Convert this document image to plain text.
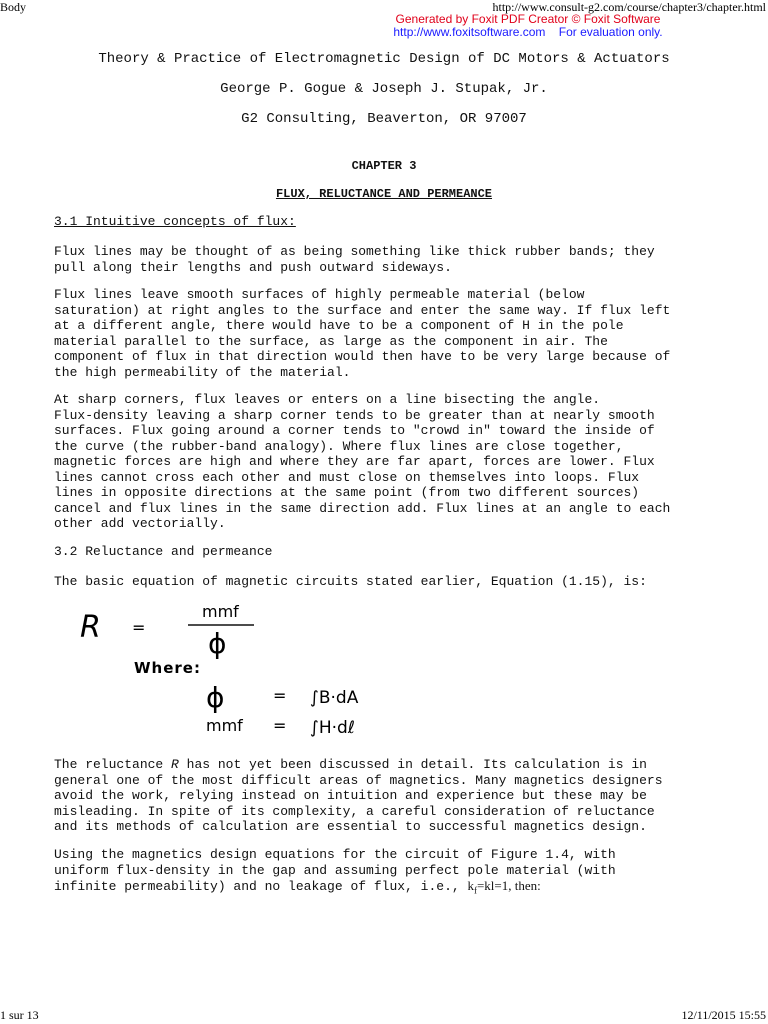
Body	http://www.consult-g2.com/course/chapter3/chapter.html
Generated by Foxit PDF Creator © Foxit Software
http://www.foxitsoftware.com    For evaluation only.
Theory & Practice of Electromagnetic Design of DC Motors & Actuators
George P. Gogue & Joseph J. Stupak, Jr.
G2 Consulting, Beaverton, OR 97007
CHAPTER 3
FLUX, RELUCTANCE AND PERMEANCE
3.1 Intuitive concepts of flux:
Flux lines may be thought of as being something like thick rubber bands; they
pull along their lengths and push outward sideways.
Flux lines leave smooth surfaces of highly permeable material (below
saturation) at right angles to the surface and enter the same way. If flux left
at a different angle, there would have to be a component of H in the pole
material parallel to the surface, as large as the component in air. The
component of flux in that direction would then have to be very large because of
the high permeability of the material.
At sharp corners, flux leaves or enters on a line bisecting the angle.
Flux-density leaving a sharp corner tends to be greater than at nearly smooth
surfaces. Flux going around a corner tends to "crowd in" toward the inside of
the curve (the rubber-band analogy). Where flux lines are close together,
magnetic forces are high and where they are far apart, forces are lower. Flux
lines cannot cross each other and must close on themselves into loops. Flux
lines in opposite directions at the same point (from two different sources)
cancel and flux lines in the same direction add. Flux lines at an angle to each
other add vectorially.
3.2 Reluctance and permeance
The basic equation of magnetic circuits stated earlier, Equation (1.15), is:
R =
mmf
ϕ
Where:
ϕ	= ∫B·dA
mmf = ∫H·dℓ
The reluctance R has not yet been discussed in detail. Its calculation is in
general one of the most difficult areas of magnetics. Many magnetics designers
avoid the work, relying instead on intuition and experience but these may be
misleading. In spite of its complexity, a careful consideration of reluctance
and its methods of calculation are essential to successful magnetics design.
Using the magnetics design equations for the circuit of Figure 1.4, with
uniform flux-density in the gap and assuming perfect pole material (with
infinite permeability) and no leakage of flux, i.e., $k_f=kl=1$, then:
1 sur 13	12/11/2015 15:55
